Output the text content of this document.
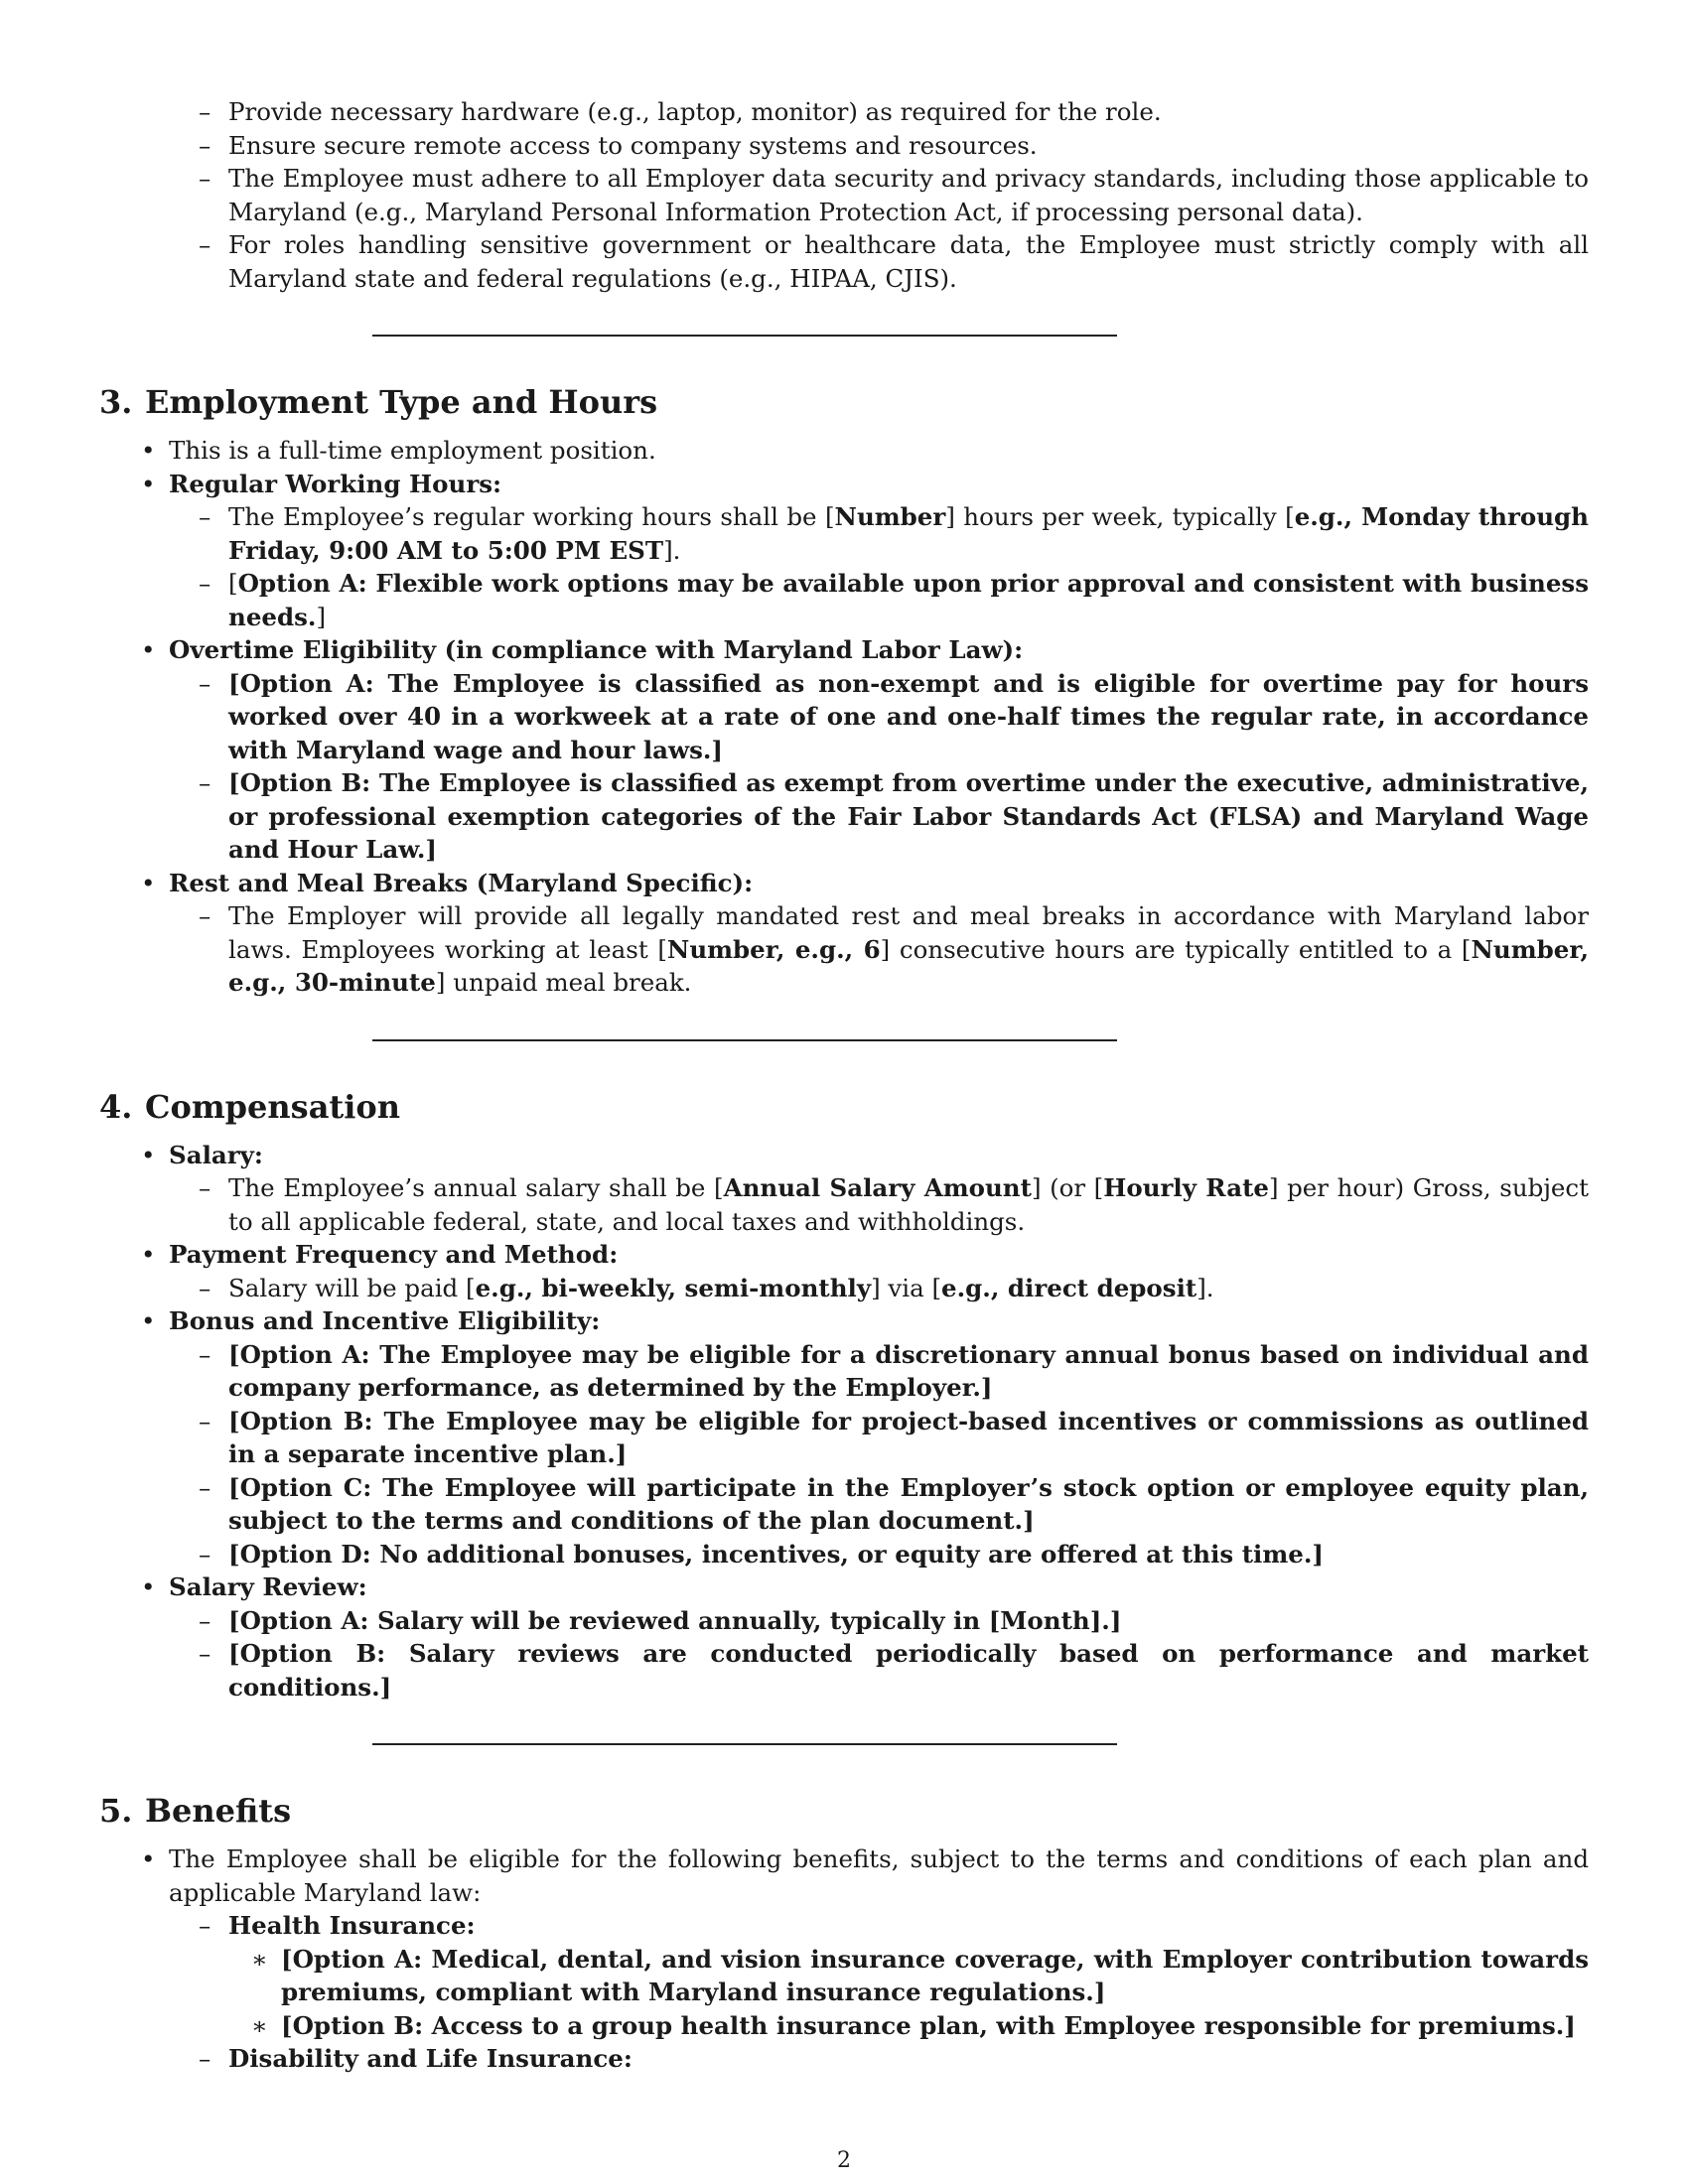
– Provide necessary hardware (e.g., laptop, monitor) as required for the role.
– Ensure secure remote access to company systems and resources.
– The Employee must adhere to all Employer data security and privacy standards, including those applicable to Maryland (e.g., Maryland Personal Information Protection Act, if processing personal data).
– For roles handling sensitive government or healthcare data, the Employee must strictly comply with all Maryland state and federal regulations (e.g., HIPAA, CJIS).
3. Employment Type and Hours
• This is a full-time employment position.
• Regular Working Hours:
– The Employee’s regular working hours shall be [Number] hours per week, typically [e.g., Monday through Friday, 9:00 AM to 5:00 PM EST].
– [Option A: Flexible work options may be available upon prior approval and consistent with business needs.]
• Overtime Eligibility (in compliance with Maryland Labor Law):
– [Option A: The Employee is classified as non-exempt and is eligible for overtime pay for hours worked over 40 in a workweek at a rate of one and one-half times the regular rate, in accordance with Maryland wage and hour laws.]
– [Option B: The Employee is classified as exempt from overtime under the executive, administrative, or professional exemption categories of the Fair Labor Standards Act (FLSA) and Maryland Wage and Hour Law.]
• Rest and Meal Breaks (Maryland Specific):
– The Employer will provide all legally mandated rest and meal breaks in accordance with Maryland labor laws. Employees working at least [Number, e.g., 6] consecutive hours are typically entitled to a [Number, e.g., 30-minute] unpaid meal break.
4. Compensation
• Salary:
– The Employee’s annual salary shall be [Annual Salary Amount] (or [Hourly Rate] per hour) Gross, subject to all applicable federal, state, and local taxes and withholdings.
• Payment Frequency and Method:
– Salary will be paid [e.g., bi-weekly, semi-monthly] via [e.g., direct deposit].
• Bonus and Incentive Eligibility:
– [Option A: The Employee may be eligible for a discretionary annual bonus based on individual and company performance, as determined by the Employer.]
– [Option B: The Employee may be eligible for project-based incentives or commissions as outlined in a separate incentive plan.]
– [Option C: The Employee will participate in the Employer’s stock option or employee equity plan, subject to the terms and conditions of the plan document.]
– [Option D: No additional bonuses, incentives, or equity are offered at this time.]
• Salary Review:
– [Option A: Salary will be reviewed annually, typically in [Month].]
– [Option B: Salary reviews are conducted periodically based on performance and market conditions.]
5. Benefits
• The Employee shall be eligible for the following benefits, subject to the terms and conditions of each plan and applicable Maryland law:
– Health Insurance:
∗ [Option A: Medical, dental, and vision insurance coverage, with Employer contribution towards premiums, compliant with Maryland insurance regulations.]
∗ [Option B: Access to a group health insurance plan, with Employee responsible for premiums.]
– Disability and Life Insurance:
2
